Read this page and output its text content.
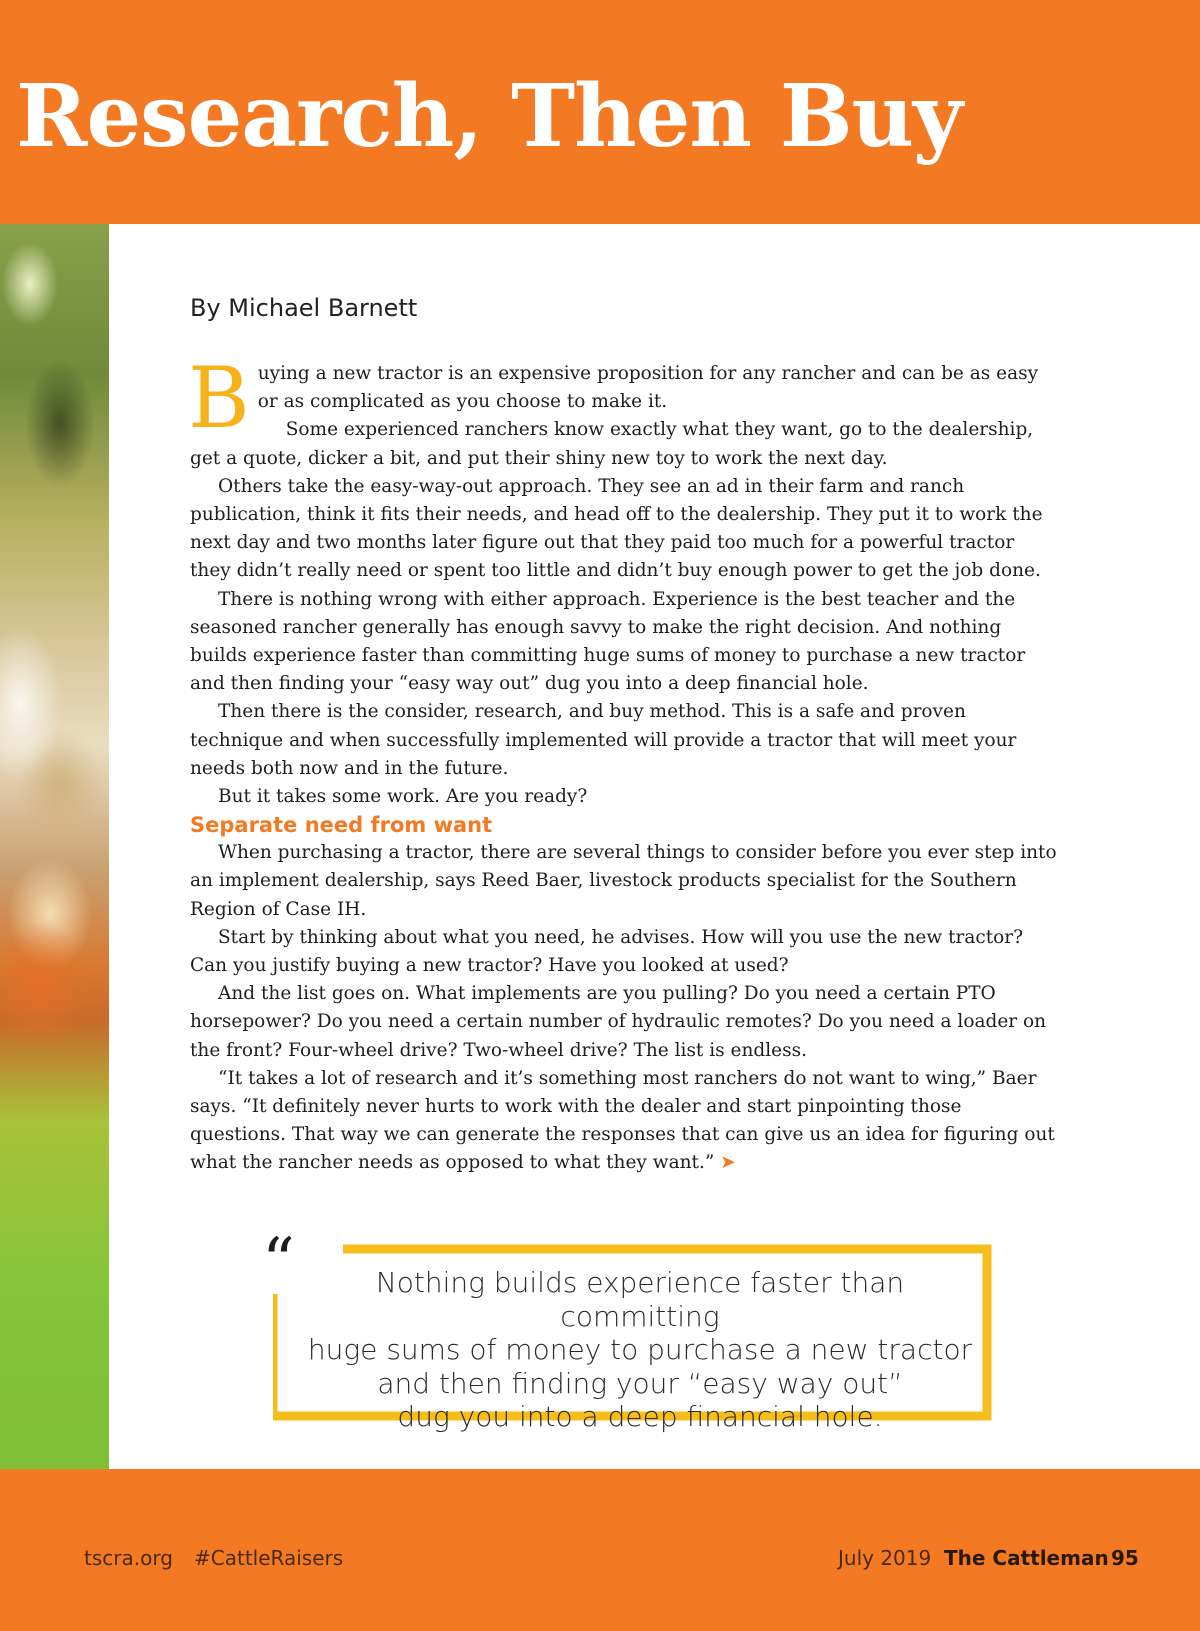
Research, Then Buy

By Michael Barnett

Buying a new tractor is an expensive proposition for any rancher and can be as easy or as complicated as you choose to make it.
Some experienced ranchers know exactly what they want, go to the dealership, get a quote, dicker a bit, and put their shiny new toy to work the next day.

Others take the easy-way-out approach. They see an ad in their farm and ranch publication, think it fits their needs, and head off to the dealership. They put it to work the next day and two months later figure out that they paid too much for a powerful tractor they didn’t really need or spent too little and didn’t buy enough power to get the job done.

There is nothing wrong with either approach. Experience is the best teacher and the seasoned rancher generally has enough savvy to make the right decision. And nothing builds experience faster than committing huge sums of money to purchase a new tractor and then finding your “easy way out” dug you into a deep financial hole.

Then there is the consider, research, and buy method. This is a safe and proven technique and when successfully implemented will provide a tractor that will meet your needs both now and in the future.

But it takes some work. Are you ready?

Separate need from want

When purchasing a tractor, there are several things to consider before you ever step into an implement dealership, says Reed Baer, livestock products specialist for the Southern Region of Case IH.

Start by thinking about what you need, he advises. How will you use the new tractor? Can you justify buying a new tractor? Have you looked at used?

And the list goes on. What implements are you pulling? Do you need a certain PTO horsepower? Do you need a certain number of hydraulic remotes? Do you need a loader on the front? Four-wheel drive? Two-wheel drive? The list is endless.

“It takes a lot of research and it’s something most ranchers do not want to wing,” Baer says. “It definitely never hurts to work with the dealer and start pinpointing those questions. That way we can generate the responses that can give us an idea for figuring out what the rancher needs as opposed to what they want.” ➤

“	Nothing builds experience faster than committing
huge sums of money to purchase a new tractor
and then finding your “easy way out”
dug you into a deep financial hole.

tscra.org #CattleRaisers	July 2019 The Cattleman 95
